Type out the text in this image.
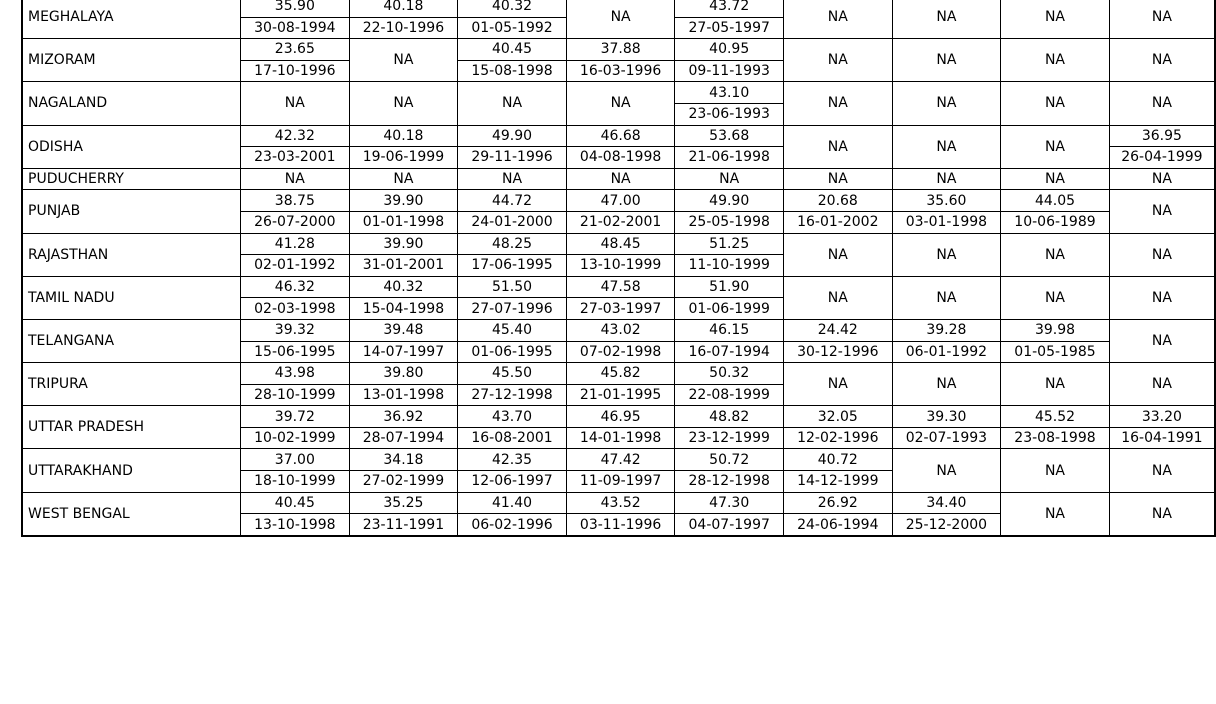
MEGHALAYA	35.90	40.18	40.32	NA	43.72	NA	NA	NA	NA
	30-08-1994	22-10-1996	01-05-1992		27-05-1997				
MIZORAM	23.65	NA	40.45	37.88	40.95	NA	NA	NA	NA
	17-10-1996		15-08-1998	16-03-1996	09-11-1993				
NAGALAND	NA	NA	NA	NA	43.10	NA	NA	NA	NA
					23-06-1993				
ODISHA	42.32	40.18	49.90	46.68	53.68	NA	NA	NA	36.95
	23-03-2001	19-06-1999	29-11-1996	04-08-1998	21-06-1998				26-04-1999
PUDUCHERRY	NA	NA	NA	NA	NA	NA	NA	NA	NA

PUNJAB	38.75	39.90	44.72	47.00	49.90	20.68	35.60	44.05	NA
	26-07-2000	01-01-1998	24-01-2000	21-02-2001	25-05-1998	16-01-2002	03-01-1998	10-06-1989	
RAJASTHAN	41.28	39.90	48.25	48.45	51.25	NA	NA	NA	NA
	02-01-1992	31-01-2001	17-06-1995	13-10-1999	11-10-1999				
TAMIL NADU	46.32	40.32	51.50	47.58	51.90	NA	NA	NA	NA
	02-03-1998	15-04-1998	27-07-1996	27-03-1997	01-06-1999				
TELANGANA	39.32	39.48	45.40	43.02	46.15	24.42	39.28	39.98	NA
	15-06-1995	14-07-1997	01-06-1995	07-02-1998	16-07-1994	30-12-1996	06-01-1992	01-05-1985	
TRIPURA	43.98	39.80	45.50	45.82	50.32	NA	NA	NA	NA
	28-10-1999	13-01-1998	27-12-1998	21-01-1995	22-08-1999				
UTTAR PRADESH	39.72	36.92	43.70	46.95	48.82	32.05	39.30	45.52	33.20
	10-02-1999	28-07-1994	16-08-2001	14-01-1998	23-12-1999	12-02-1996	02-07-1993	23-08-1998	16-04-1991
UTTARAKHAND	37.00	34.18	42.35	47.42	50.72	40.72	NA	NA	NA
	18-10-1999	27-02-1999	12-06-1997	11-09-1997	28-12-1998	14-12-1999			
WEST BENGAL	40.45	35.25	41.40	43.52	47.30	26.92	34.40	NA	NA
	13-10-1998	23-11-1991	06-02-1996	03-11-1996	04-07-1997	24-06-1994	25-12-2000		
